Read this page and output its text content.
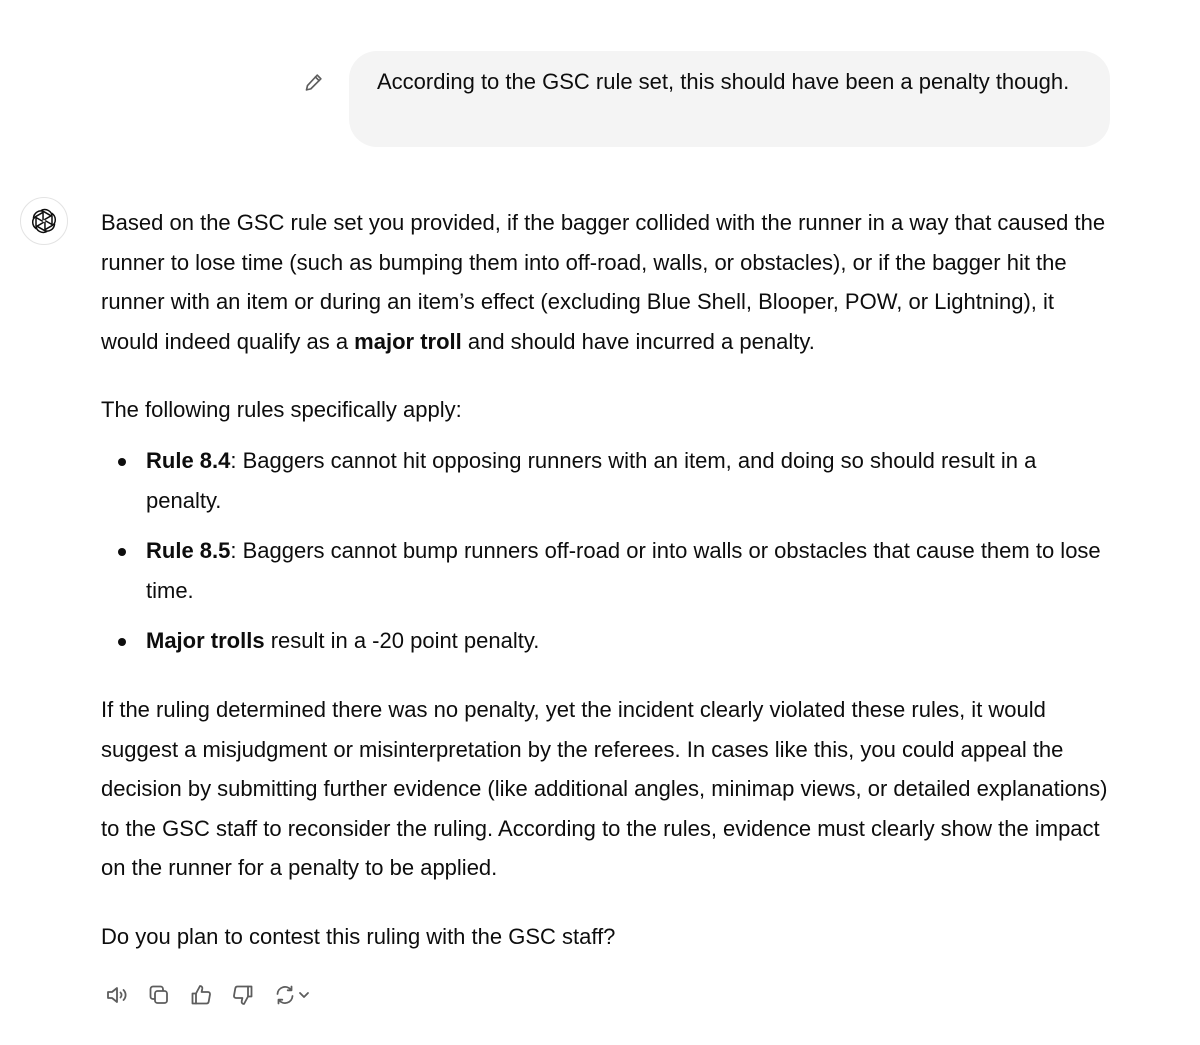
According to the GSC rule set, this should have been a penalty though.

Based on the GSC rule set you provided, if the bagger collided with the runner in a way that caused the runner to lose time (such as bumping them into off-road, walls, or obstacles), or if the bagger hit the runner with an item or during an item’s effect (excluding Blue Shell, Blooper, POW, or Lightning), it would indeed qualify as a major troll and should have incurred a penalty.

The following rules specifically apply:

Rule 8.4: Baggers cannot hit opposing runners with an item, and doing so should result in a penalty.
Rule 8.5: Baggers cannot bump runners off-road or into walls or obstacles that cause them to lose time.
Major trolls result in a -20 point penalty.

If the ruling determined there was no penalty, yet the incident clearly violated these rules, it would suggest a misjudgment or misinterpretation by the referees. In cases like this, you could appeal the decision by submitting further evidence (like additional angles, minimap views, or detailed explanations) to the GSC staff to reconsider the ruling. According to the rules, evidence must clearly show the impact on the runner for a penalty to be applied.

Do you plan to contest this ruling with the GSC staff?
